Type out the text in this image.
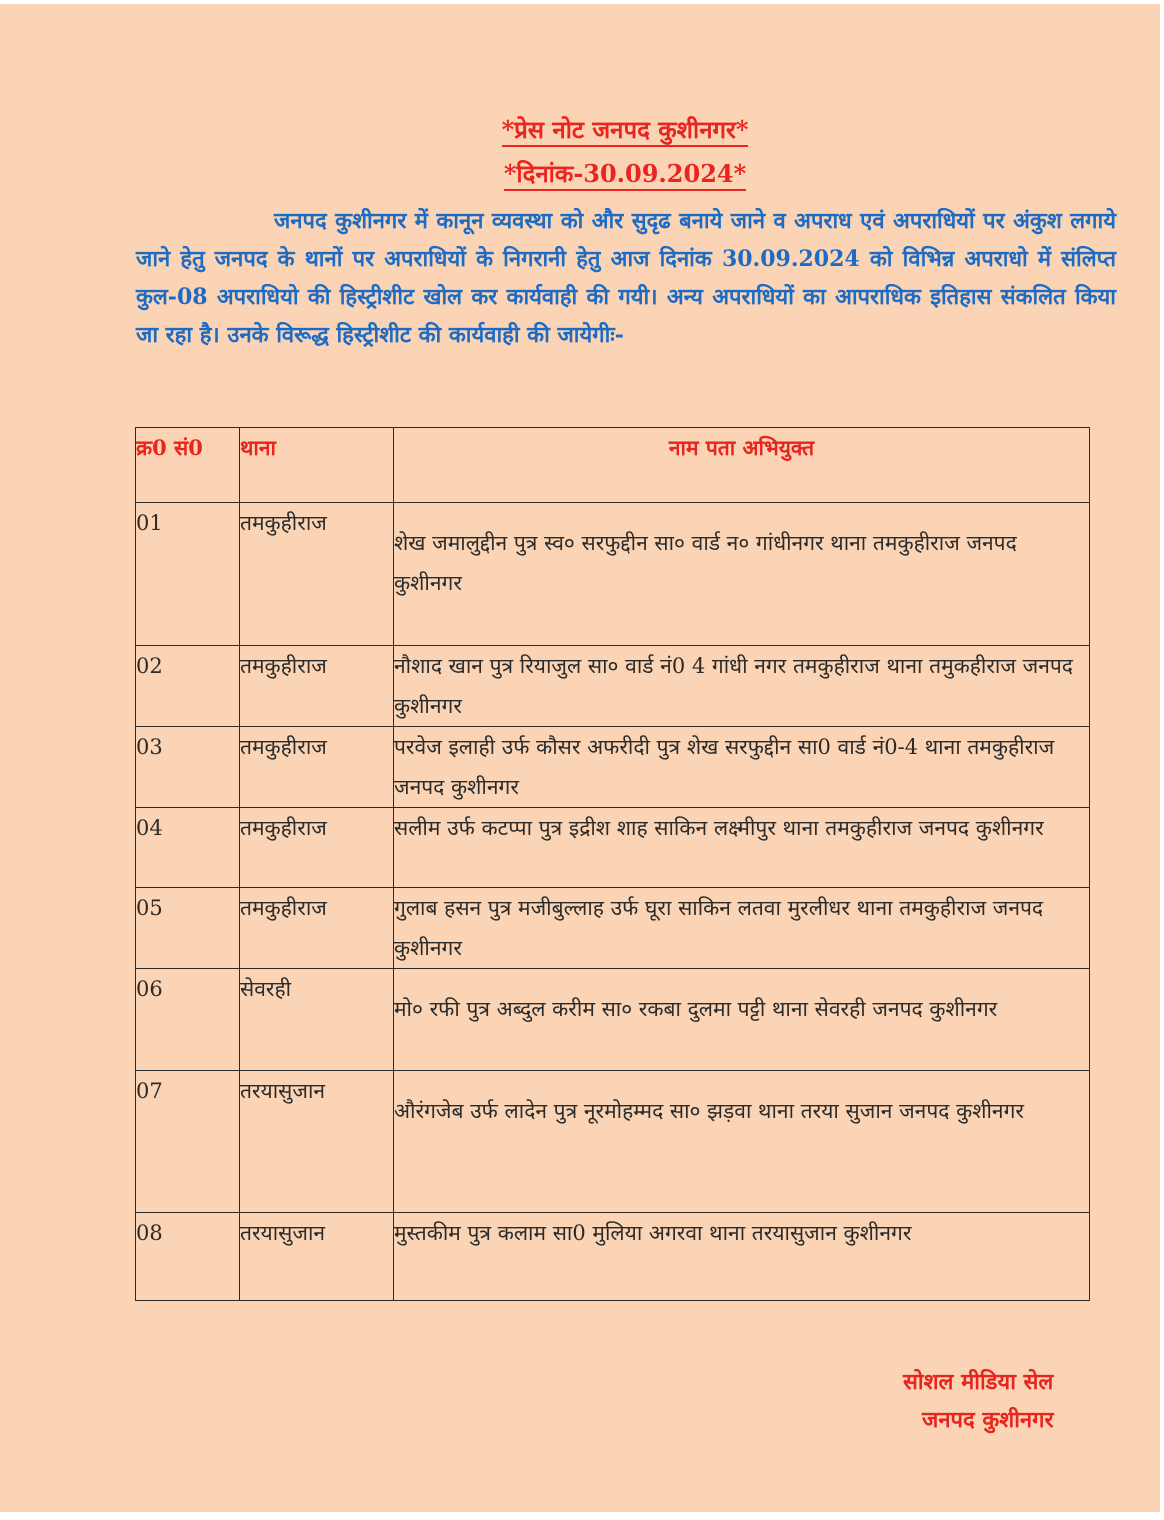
*प्रेस नोट जनपद कुशीनगर*
*दिनांक-30.09.2024*

जनपद कुशीनगर में कानून व्यवस्था को और सुदृढ बनाये जाने व अपराध एवं अपराधियों पर अंकुश लगाये जाने हेतु जनपद के थानों पर अपराधियों के निगरानी हेतु आज दिनांक 30.09.2024 को विभिन्न अपराधो में संलिप्त कुल-08 अपराधियो की हिस्ट्रीशीट खोल कर कार्यवाही की गयी। अन्य अपराधियों का आपराधिक इतिहास संकलित किया जा रहा है। उनके विरूद्ध हिस्ट्रीशीट की कार्यवाही की जायेगीः-

क्र0 सं0	थाना	नाम पता अभियुक्त
01	तमकुहीराज	शेख जमालुद्दीन पुत्र स्व० सरफुद्दीन सा० वार्ड न० गांधीनगर थाना तमकुहीराज जनपद कुशीनगर
02	तमकुहीराज	नौशाद खान पुत्र रियाजुल सा० वार्ड नं0 4 गांधी नगर तमकुहीराज थाना तमुकहीराज जनपद कुशीनगर
03	तमकुहीराज	परवेज इलाही उर्फ कौसर अफरीदी पुत्र शेख सरफुद्दीन सा0 वार्ड नं0-4 थाना तमकुहीराज जनपद कुशीनगर
04	तमकुहीराज	सलीम उर्फ कटप्पा पुत्र इद्रीश शाह साकिन लक्ष्मीपुर थाना तमकुहीराज जनपद कुशीनगर
05	तमकुहीराज	गुलाब हसन पुत्र मजीबुल्लाह उर्फ घूरा साकिन लतवा मुरलीधर थाना तमकुहीराज जनपद कुशीनगर
06	सेवरही	मो० रफी पुत्र अब्दुल करीम सा० रकबा दुलमा पट्टी थाना सेवरही जनपद कुशीनगर
07	तरयासुजान	औरंगजेब उर्फ लादेन पुत्र नूरमोहम्मद सा० झड़वा थाना तरया सुजान जनपद कुशीनगर
08	तरयासुजान	मुस्तकीम पुत्र कलाम सा0 मुलिया अगरवा थाना तरयासुजान कुशीनगर
सोशल मीडिया सेल
जनपद कुशीनगर
